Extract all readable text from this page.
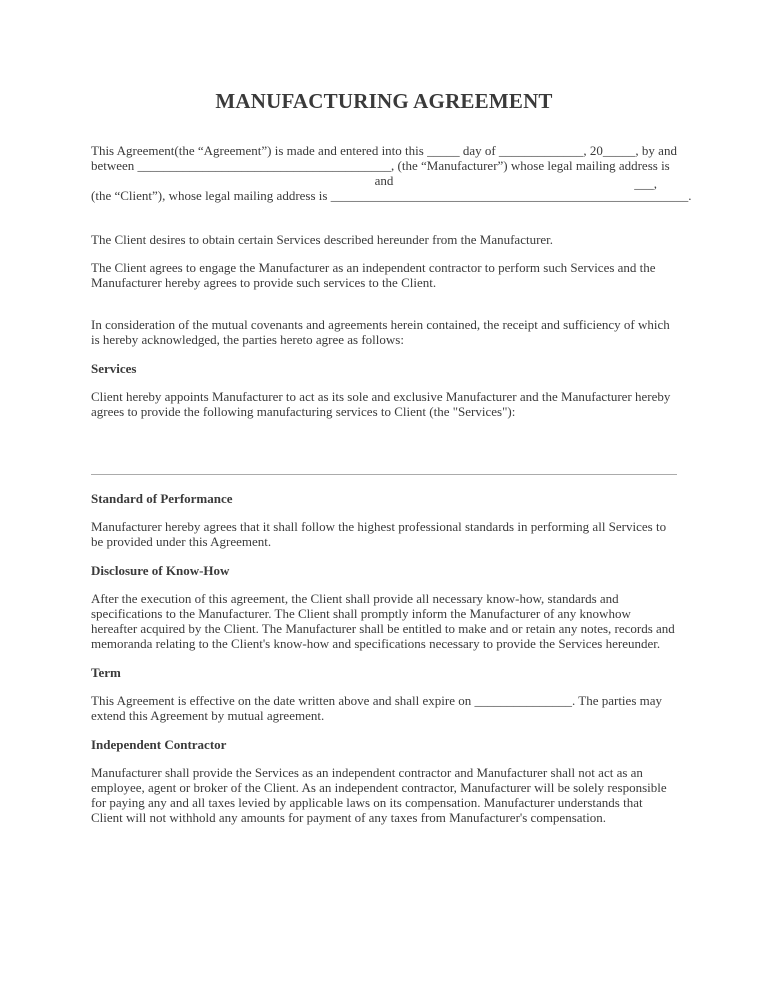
MANUFACTURING AGREEMENT
This Agreement(the “Agreement”) is made and entered into this _____ day of _____________, 20_____, by and
between _______________________________________, (the “Manufacturer”) whose legal mailing address is
and	___,
(the “Client”), whose legal mailing address is _______________________________________________________.

The Client desires to obtain certain Services described hereunder from the Manufacturer.

The Client agrees to engage the Manufacturer as an independent contractor to perform such Services and the Manufacturer hereby agrees to provide such services to the Client.

In consideration of the mutual covenants and agreements herein contained, the receipt and sufficiency of which is hereby acknowledged, the parties hereto agree as follows:

Services

Client hereby appoints Manufacturer to act as its sole and exclusive Manufacturer and the Manufacturer hereby agrees to provide the following manufacturing services to Client (the "Services"):

Standard of Performance

Manufacturer hereby agrees that it shall follow the highest professional standards in performing all Services to be provided under this Agreement.

Disclosure of Know-How

After the execution of this agreement, the Client shall provide all necessary know-how, standards and specifications to the Manufacturer. The Client shall promptly inform the Manufacturer of any knowhow hereafter acquired by the Client. The Manufacturer shall be entitled to make and or retain any notes, records and memoranda relating to the Client's know-how and specifications necessary to provide the Services hereunder.

Term

This Agreement is effective on the date written above and shall expire on _______________. The parties may extend this Agreement by mutual agreement.

Independent Contractor

Manufacturer shall provide the Services as an independent contractor and Manufacturer shall not act as an employee, agent or broker of the Client. As an independent contractor, Manufacturer will be solely responsible for paying any and all taxes levied by applicable laws on its compensation. Manufacturer understands that Client will not withhold any amounts for payment of any taxes from Manufacturer's compensation.
